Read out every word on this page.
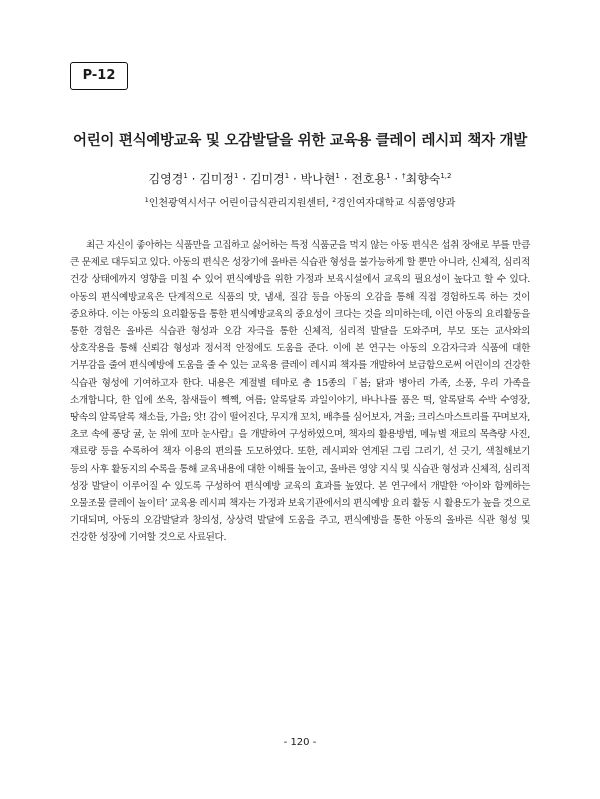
P-12
어린이 편식예방교육 및 오감발달을 위한 교육용 클레이 레시피 책자 개발
김영경$^1$ · 김미정$^1$ · 김미경$^1$ · 박나현$^1$ · 전호용$^1$ · †최향숙$^{1,2}$
$^1$인천광역시서구 어린이급식관리지원센터, $^2$경인여자대학교 식품영양과

최근 자신이 좋아하는 식품만을 고집하고 싫어하는 특정 식품군을 먹지 않는 아동 편식은 섭취 장애로 부를 만큼 큰 문제로 대두되고 있다. 아동의 편식은 성장기에 올바른 식습관 형성을 불가능하게 할 뿐만 아니라, 신체적, 심리적 건강 상태에까지 영향을 미칠 수 있어 편식예방을 위한 가정과 보육시설에서 교육의 필요성이 높다고 할 수 있다. 아동의 편식예방교육은 단계적으로 식품의 맛, 냄새, 질감 등을 아동의 오감을 통해 직접 경험하도록 하는 것이 중요하다. 이는 아동의 요리활동을 통한 편식예방교육의 중요성이 크다는 것을 의미하는데, 이런 아동의 요리활동을 통한 경험은 올바른 식습관 형성과 오감 자극을 통한 신체적, 심리적 발달을 도와주며, 부모 또는 교사와의 상호작용을 통해 신뢰감 형성과 정서적 안정에도 도움을 준다. 이에 본 연구는 아동의 오감자극과 식품에 대한 거부감을 줄여 편식예방에 도움을 줄 수 있는 교육용 클레이 레시피 책자를 개발하여 보급함으로써 어린이의 건강한 식습관 형성에 기여하고자 한다. 내용은 계절별 테마로 총 15종의『봄; 닭과 병아리 가족, 소풍, 우리 가족을 소개합니다, 한 입에 쏘옥, 참새들이 짹짹, 여름; 알록달록 과일이야기, 바나나를 품은 떡, 알록달록 수박 수영장, 땅속의 알록달록 채소들, 가을; 앗! 감이 떨어진다, 무지개 꼬치, 배추를 심어보자, 겨울; 크리스마스트리를 꾸며보자, 초코 속에 퐁당 귤, 눈 위에 꼬마 눈사람』을 개발하여 구성하였으며, 책자의 활용방법, 메뉴별 재료의 목측량 사진, 재료량 등을 수록하여 책자 이용의 편의를 도모하였다. 또한, 레시피와 연계된 그림 그리기, 선 긋기, 색칠해보기 등의 사후 활동지의 수록을 통해 교육내용에 대한 이해를 높이고, 올바른 영양 지식 및 식습관 형성과 신체적, 심리적 성장 발달이 이루어질 수 있도록 구성하여 편식예방 교육의 효과를 높였다. 본 연구에서 개발한 ‘아이와 함께하는 오물조물 클레이 놀이터’ 교육용 레시피 책자는 가정과 보육기관에서의 편식예방 요리 활동 시 활용도가 높을 것으로 기대되며, 아동의 오감발달과 창의성, 상상력 발달에 도움을 주고, 편식예방을 통한 아동의 올바른 식관 형성 및 건강한 성장에 기여할 것으로 사료된다.

- 120 -
